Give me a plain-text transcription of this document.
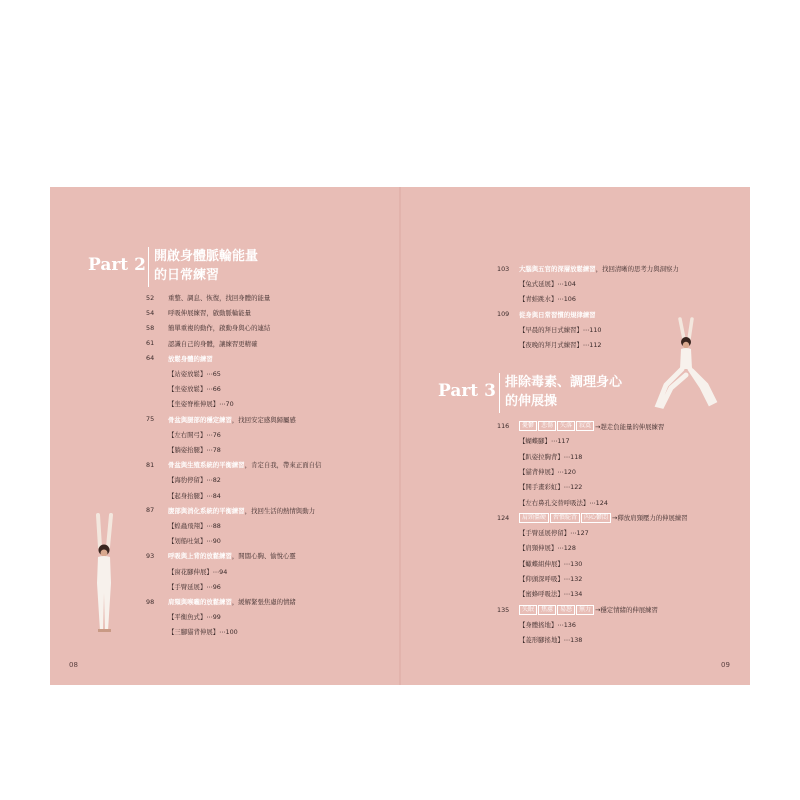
Part 2 開啟身體脈輪能量
的日常練習
52	重整、調息、恢復，找回身體的能量
54	呼吸伸展練習，啟動脈輪能量
58	簡單重複的動作，啟動身與心的連結
61	認識自己的身體，讓練習更精確
64	放鬆身體的練習
【站姿放鬆】⋯65
【坐姿放鬆】⋯66
【坐姿脊椎伸展】⋯70
75	骨盆與腿部的穩定練習 ，找回安定感與歸屬感
【左右開弓】⋯76
【躺姿抬腿】⋯78
81	骨盆與生殖系統的平衡練習 ，肯定自我，帶來正面自信
【海豹停留】⋯82
【起身抬腿】⋯84
87	腹部與消化系統的平衡練習 ，找回生活的熱情與動力
【蝗蟲飛翔】⋯88
【划船吐氣】⋯90
93	呼吸與上背的放鬆練習 ，開闊心胸、愉悅心靈
【窗花腳伸展】⋯94
【手臂延展】⋯96
98	肩頸與喉嚨的放鬆練習 ，緩解緊張焦慮的情緒
【平衡魚式】⋯99
【三腳貓背伸展】⋯100
08
103	大腦與五官的深層放鬆練習 ，找回清晰的思考力與洞察力
【兔式延展】⋯104
【青蛙跳水】⋯106
109	從身與日常習慣的規律練習
【早晨的拜日式練習】⋯110
【夜晚的拜月式練習】⋯112
Part 3 排除毒素、調理身心
的伸展操
116	憂鬱	悲傷	失落	寂寞 →趕走負能量的伸展練習
【蝴蝶腳】⋯117
【趴姿拉胸背】⋯118
【貓背伸展】⋯120
【開手畫彩虹】⋯122
【左右鼻孔交替呼吸法】⋯124
124	肩頸僵硬	習慣駝背	內心鬱悶 →釋放肩頸壓力的伸展練習
【手臂延展停留】⋯127
【肩頸伸展】⋯128
【蠍蝶組伸展】⋯130
【仰頭深呼吸】⋯132
【蜜蜂呼吸法】⋯134
135	失眠	焦慮	易怒	無力 →穩定情緒的伸展練習
【身體搖地】⋯136
【菱形腳搖地】⋯138
09
